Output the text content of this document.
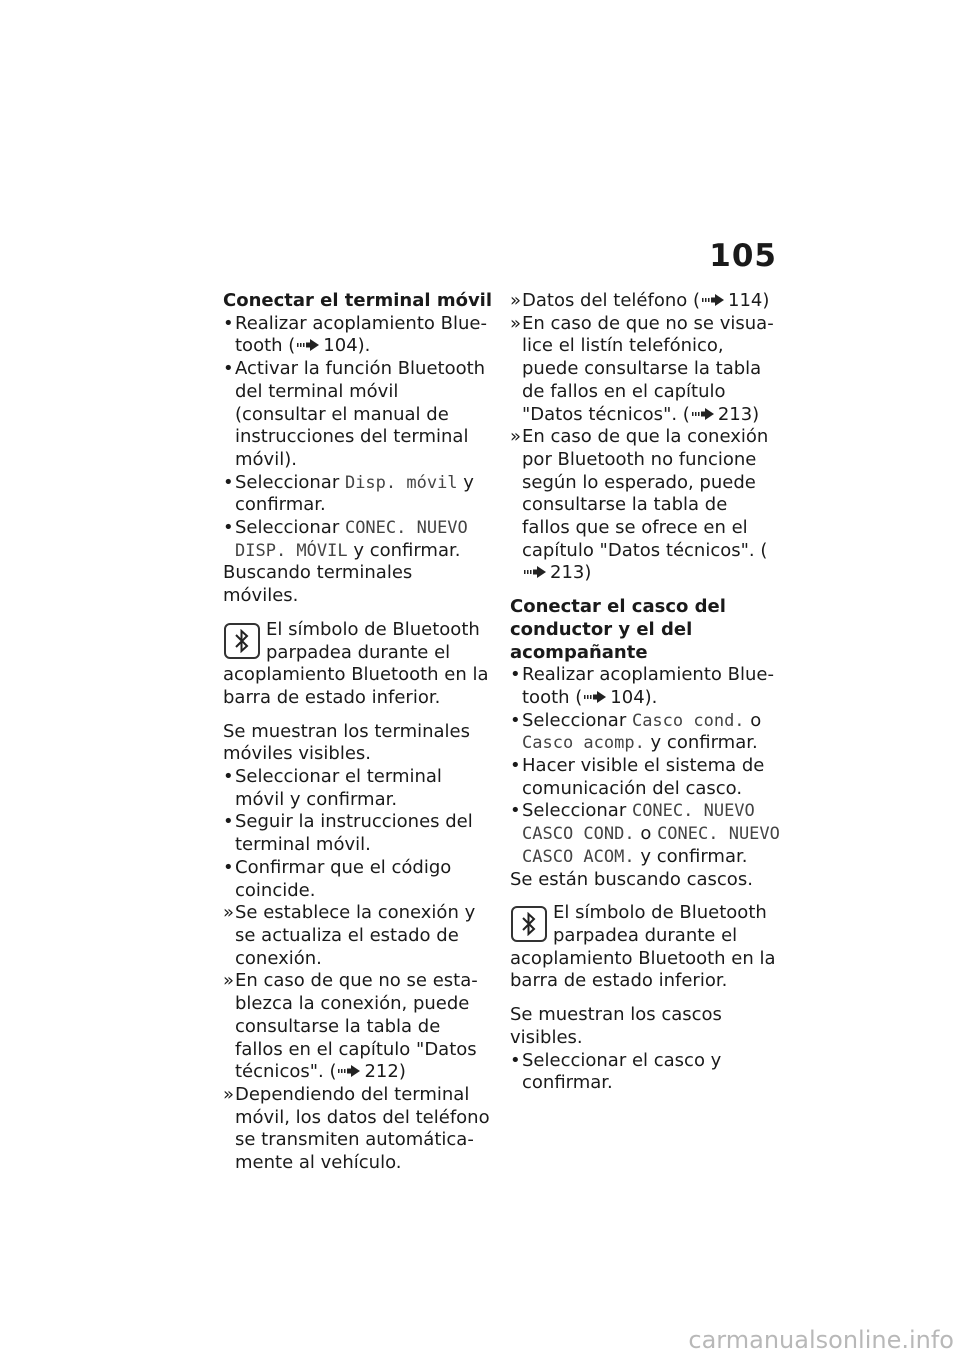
105

Conectar el terminal móvil

• Realizar acoplamiento Bluetooth ( 104).
• Activar la función Bluetooth del terminal móvil (consultar el manual de instrucciones del terminal móvil).
• Seleccionar Disp. móvil y confirmar.
• Seleccionar CONEC. NUEVO DISP. MÓVIL y confirmar.

Buscando terminales móviles.

El símbolo de Bluetooth parpadea durante el acoplamiento Bluetooth en la barra de estado inferior.

Se muestran los terminales móviles visibles.

• Seleccionar el terminal móvil y confirmar.
• Seguir la instrucciones del terminal móvil.
• Confirmar que el código coincide.
» Se establece la conexión y se actualiza el estado de conexión.
» En caso de que no se establezca la conexión, puede consultarse la tabla de fallos en el capítulo "Datos técnicos". ( 212)
» Dependiendo del terminal móvil, los datos del teléfono se transmiten automáticamente al vehículo.
» Datos del teléfono ( 114)
» En caso de que no se visualice el listín telefónico, puede consultarse la tabla de fallos en el capítulo "Datos técnicos". ( 213)
» En caso de que la conexión por Bluetooth no funcione según lo esperado, puede consultarse la tabla de fallos que se ofrece en el capítulo "Datos técnicos". (213)

Conectar el casco del conductor y el del acompañante

• Realizar acoplamiento Bluetooth ( 104).
• Seleccionar Casco cond. o Casco acomp. y confirmar.
• Hacer visible el sistema de comunicación del casco.
• Seleccionar CONEC. NUEVO CASCO COND. o CONEC. NUEVO CASCO ACOM. y confirmar.

Se están buscando cascos.

El símbolo de Bluetooth parpadea durante el acoplamiento Bluetooth en la barra de estado inferior.

Se muestran los cascos visibles.

• Seleccionar el casco y confirmar.
carmanualsonline.info
